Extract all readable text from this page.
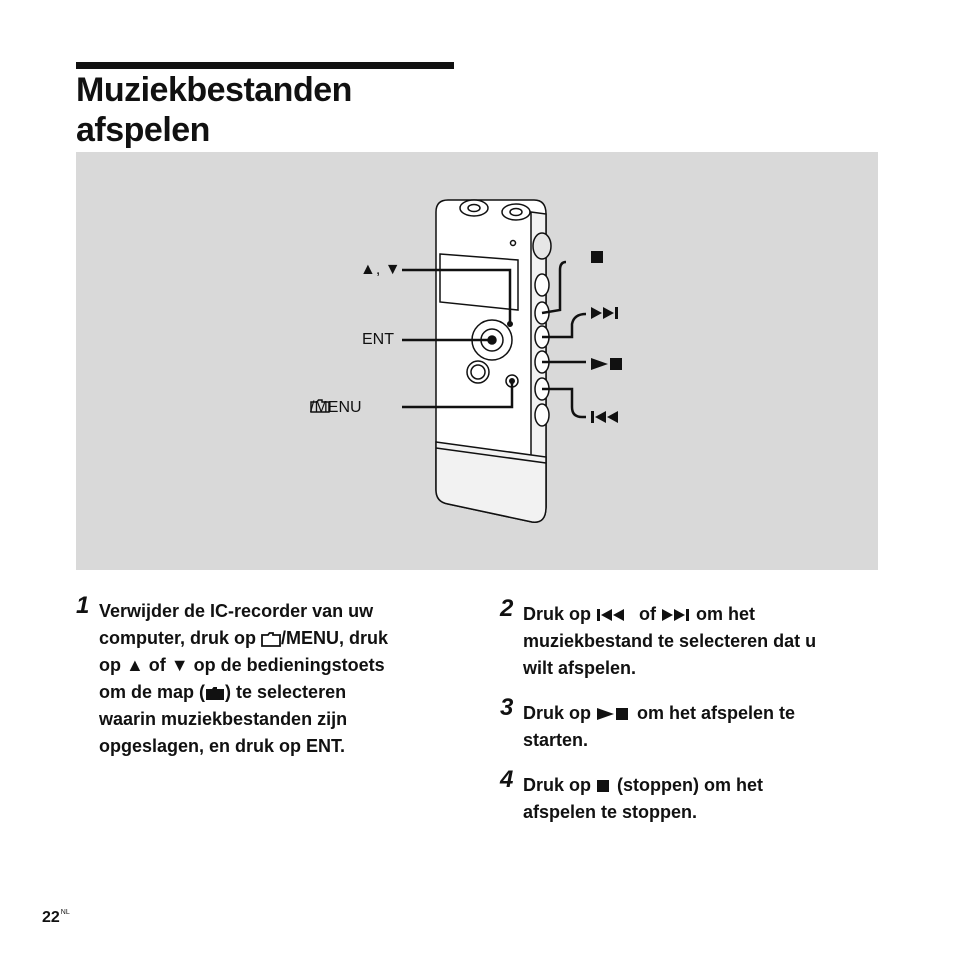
Muziekbestanden
afspelen
▲, ▼
ENT
/MENU
1 Verwijder de IC-recorder van uw
computer, druk op /MENU, druk
op ▲ of ▼ op de bedieningstoets
om de map ( ) te selecteren
waarin muziekbestanden zijn
opgeslagen, en druk op ENT.
2 Druk op  of  om het
muziekbestand te selecteren dat u
wilt afspelen.
3 Druk op  om het afspelen te
starten.
4 Druk op  (stoppen) om het
afspelen te stoppen.
$22^{NL}$
